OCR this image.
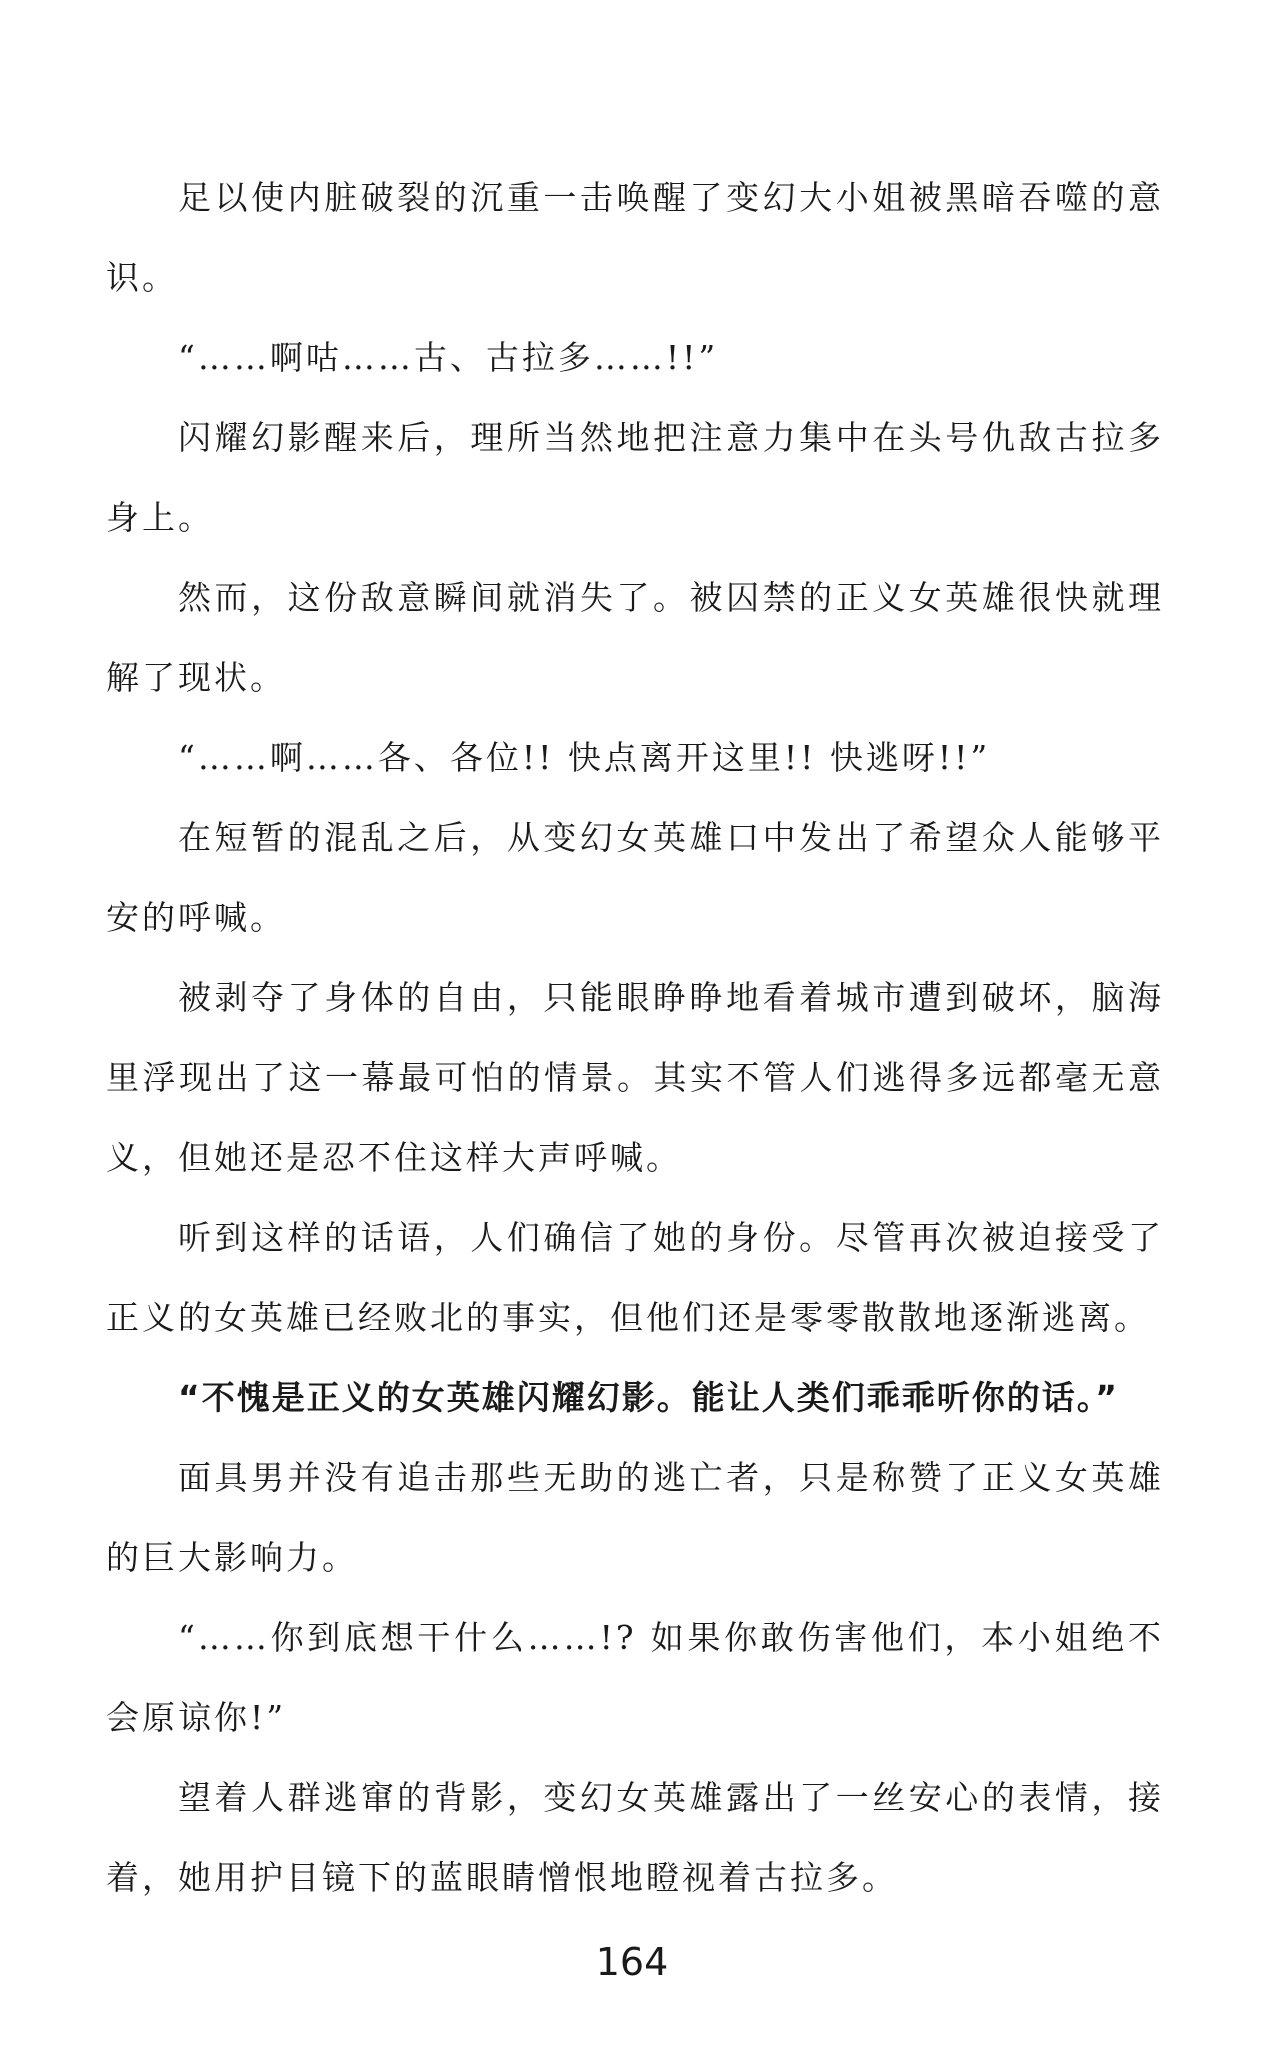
足以使内脏破裂的沉重一击唤醒了变幻大小姐被黑暗吞噬的意识。

“……啊咕……古、古拉多……!!”

闪耀幻影醒来后，理所当然地把注意力集中在头号仇敌古拉多身上。

然而，这份敌意瞬间就消失了。被囚禁的正义女英雄很快就理解了现状。

“……啊……各、各位!! 快点离开这里!! 快逃呀!!”

在短暂的混乱之后，从变幻女英雄口中发出了希望众人能够平安的呼喊。

被剥夺了身体的自由，只能眼睁睁地看着城市遭到破坏，脑海里浮现出了这一幕最可怕的情景。其实不管人们逃得多远都毫无意义，但她还是忍不住这样大声呼喊。

听到这样的话语，人们确信了她的身份。尽管再次被迫接受了正义的女英雄已经败北的事实，但他们还是零零散散地逐渐逃离。

“不愧是正义的女英雄闪耀幻影。能让人类们乖乖听你的话。”

面具男并没有追击那些无助的逃亡者，只是称赞了正义女英雄的巨大影响力。

“……你到底想干什么……!? 如果你敢伤害他们，本小姐绝不会原谅你!”

望着人群逃窜的背影，变幻女英雄露出了一丝安心的表情，接着，她用护目镜下的蓝眼睛憎恨地瞪视着古拉多。

164
